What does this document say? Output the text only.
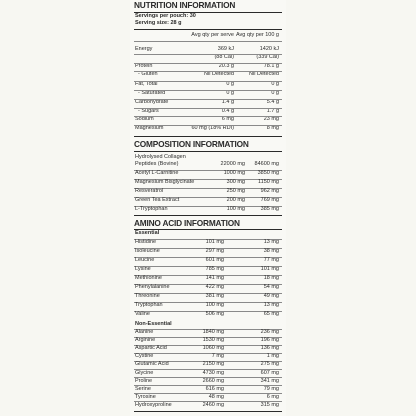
NUTRITION INFORMATION
Servings per pouch: 30
Serving size: 28 g
Avg qty per serve Avg qty per 100 g
COMPOSITION INFORMATION
AMINO ACID INFORMATION
Essential
Non-Essential
Energy	369 kJ	1420 kJ
(88 Cal)	(339 Cal)
Protein	20.3 g	78.1 g
- Gluten	Nil Detected	Nil Detected
Fat, Total	0 g	0 g
- Saturated	0 g	0 g
Carbohydrate	1.4 g	5.4 g
- Sugars	0.4 g	1.7 g
Sodium	6 mg	23 mg
Magnesium	60 mg (18% RDI)	8 mg
Hydrolysed Collagen
Peptides (Bovine)	22000 mg 84600 mg
Acetyl L-Carnitine	1000 mg 3850 mg
Magnesium Bisglycinate	300 mg 1150 mg
Resveratrol	250 mg	962 mg
Green Tea Extract	200 mg	769 mg
L-Tryptophan	100 mg	385 mg
Histidine	101 mg	13 mg
Isoleucine	297 mg	38 mg
Leucine	601 mg	77 mg
Lysine	785 mg	101 mg
Methionine	141 mg	18 mg
Phenylalanine	422 mg	54 mg
Threonine	381 mg	49 mg
Tryptophan	100 mg	13 mg
Valine	506 mg	65 mg
Alanine	1840 mg	236 mg
Arginine	1530 mg	196 mg
Aspartic Acid	1060 mg	136 mg
Cystine	7 mg	1 mg
Glutamic Acid	2150 mg	275 mg
Glycine	4730 mg	607 mg
Proline	2660 mg	341 mg
Serine	616 mg	79 mg
Tyrosine	48 mg	6 mg
Hydroxyproline	2460 mg	315 mg
